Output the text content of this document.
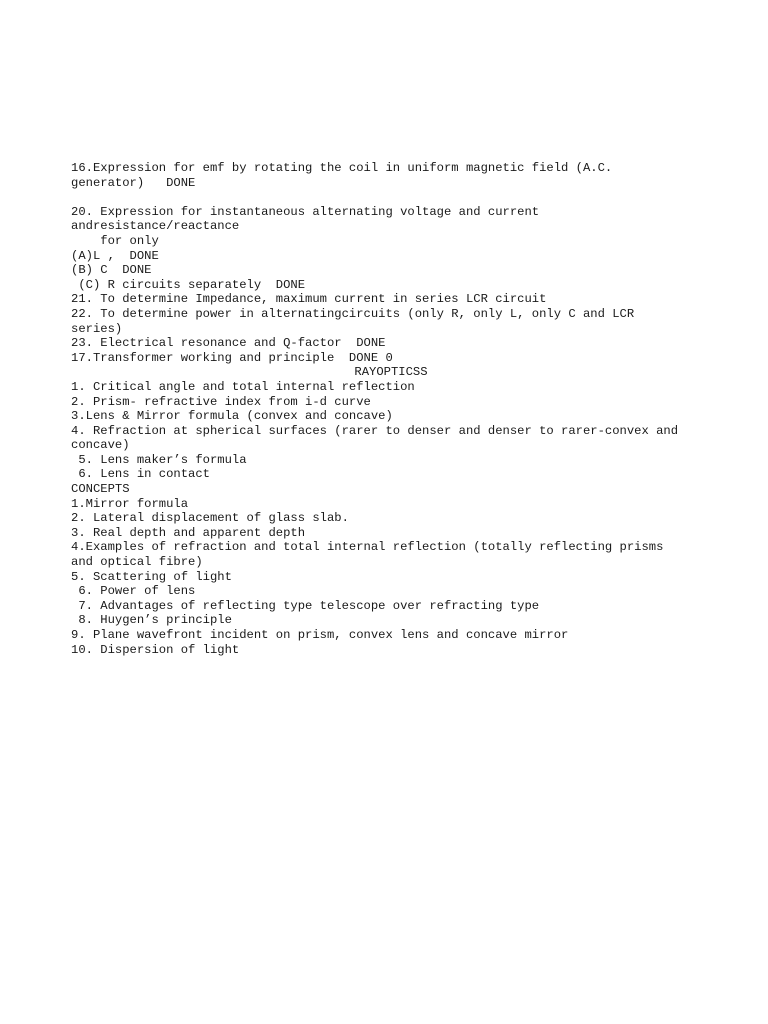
16.Expression for emf by rotating the coil in uniform magnetic field (A.C.
generator)   DONE
20. Expression for instantaneous alternating voltage and current
andresistance/reactance
for only
(A)L ,  DONE
(B) C  DONE
(C) R circuits separately  DONE
21. To determine Impedance, maximum current in series LCR circuit
22. To determine power in alternatingcircuits (only R, only L, only C and LCR
series)
23. Electrical resonance and Q-factor  DONE
17.Transformer working and principle  DONE 0
RAYOPTICSS
1. Critical angle and total internal reflection
2. Prism- refractive index from i-d curve
3.Lens & Mirror formula (convex and concave)
4. Refraction at spherical surfaces (rarer to denser and denser to rarer-convex and
concave)
5. Lens maker’s formula
6. Lens in contact
CONCEPTS
1.Mirror formula
2. Lateral displacement of glass slab.
3. Real depth and apparent depth
4.Examples of refraction and total internal reflection (totally reflecting prisms
and optical fibre)
5. Scattering of light
6. Power of lens
7. Advantages of reflecting type telescope over refracting type
8. Huygen’s principle
9. Plane wavefront incident on prism, convex lens and concave mirror
10. Dispersion of light
